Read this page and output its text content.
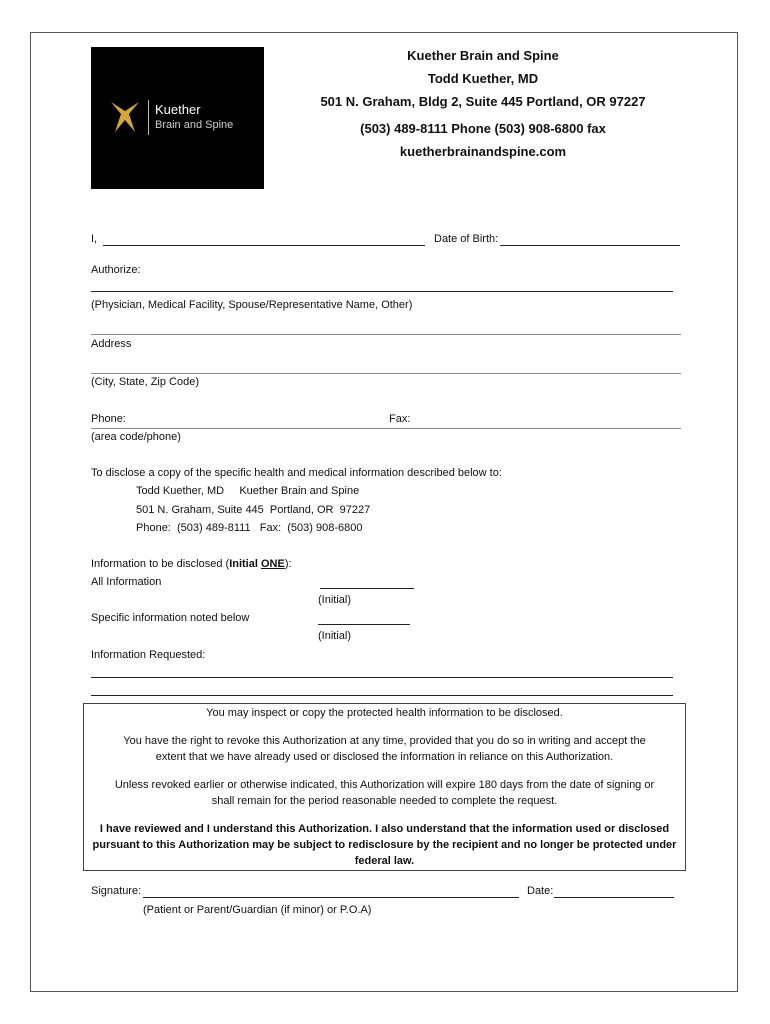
Kuether
Brain and Spine
Kuether Brain and Spine
Todd Kuether, MD
501 N. Graham, Bldg 2, Suite 445 Portland, OR 97227
(503) 489-8111 Phone (503) 908-6800 fax
kuetherbrainandspine.com
I,	Date of Birth:
Authorize:
(Physician, Medical Facility, Spouse/Representative Name, Other)
Address
(City, State, Zip Code)
Phone:	Fax:
(area code/phone)
To disclose a copy of the specific health and medical information described below to:
Todd Kuether, MD     Kuether Brain and Spine
501 N. Graham, Suite 445  Portland, OR  97227
Phone:  (503) 489-8111   Fax:  (503) 908-6800
Information to be disclosed (Initial ONE):
All Information
(Initial)
Specific information noted below
(Initial)
Information Requested:
You may inspect or copy the protected health information to be disclosed.
You have the right to revoke this Authorization at any time, provided that you do so in writing and accept the
extent that we have already used or disclosed the information in reliance on this Authorization.
Unless revoked earlier or otherwise indicated, this Authorization will expire 180 days from the date of signing or
shall remain for the period reasonable needed to complete the request.
I have reviewed and I understand this Authorization. I also understand that the information used or disclosed
pursuant to this Authorization may be subject to redisclosure by the recipient and no longer be protected under
federal law.
Signature:	Date:
(Patient or Parent/Guardian (if minor) or P.O.A)
